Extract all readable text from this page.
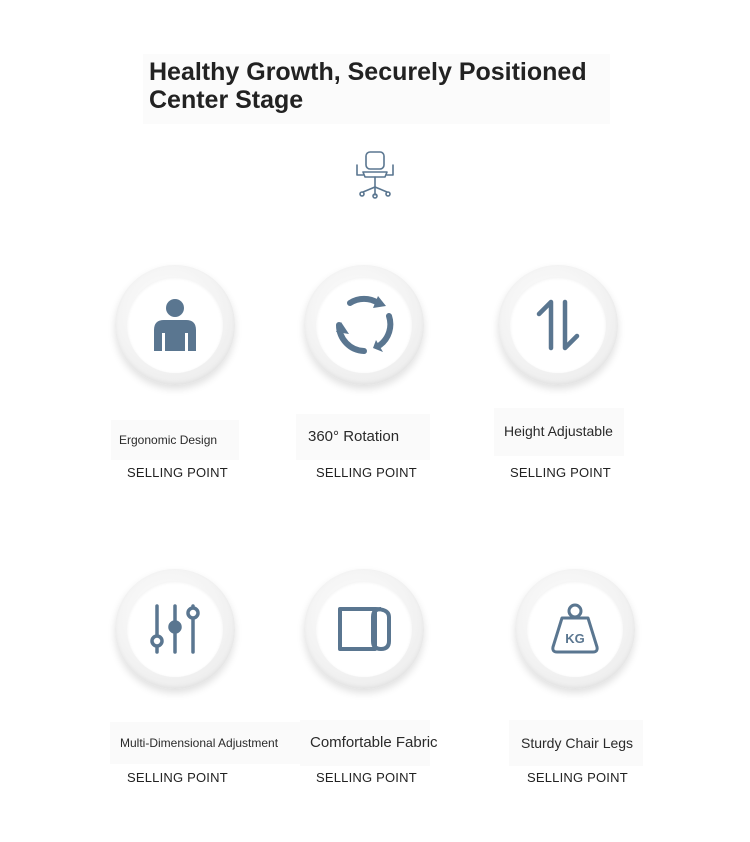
Healthy Growth, Securely Positioned
Center Stage
Ergonomic Design
SELLING POINT
360° Rotation
SELLING POINT
Height Adjustable
SELLING POINT
Multi-Dimensional Adjustment
SELLING POINT
Comfortable Fabric
SELLING POINT
KG
Sturdy Chair Legs
SELLING POINT
